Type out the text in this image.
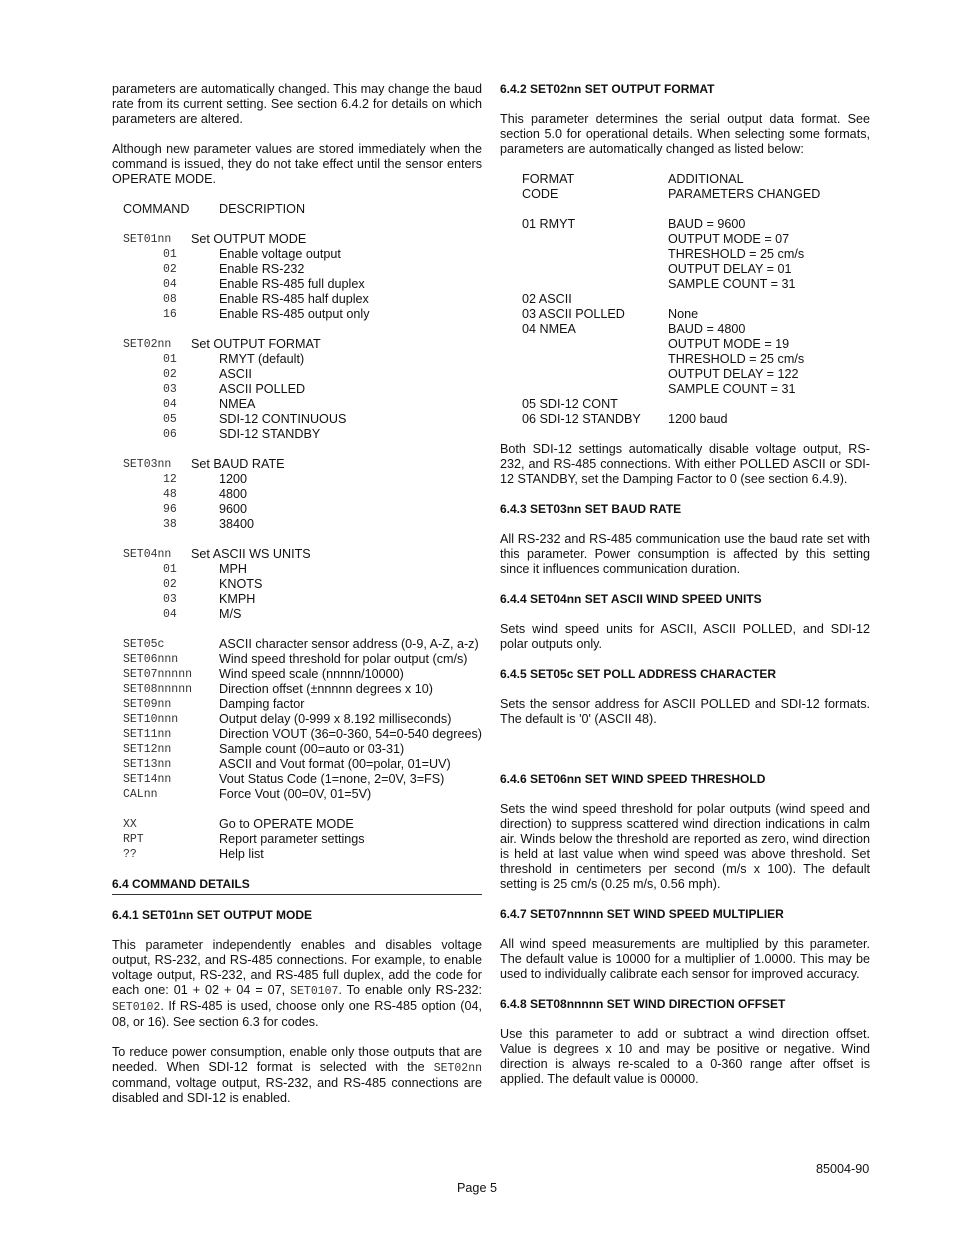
parameters are automatically changed. This may change the baud rate from its current setting. See section 6.4.2 for details on which parameters are altered.

Although new parameter values are stored immediately when the command is issued, they do not take effect until the sensor enters OPERATE MODE.

COMMAND	DESCRIPTION
SET01nn	Set OUTPUT MODE
01	Enable voltage output
02	Enable RS-232
04	Enable RS-485 full duplex
08	Enable RS-485 half duplex
16	Enable RS-485 output only
SET02nn	Set OUTPUT FORMAT
01	RMYT (default)
02	ASCII
03	ASCII POLLED
04	NMEA
05	SDI-12 CONTINUOUS
06	SDI-12 STANDBY
SET03nn	Set BAUD RATE
12	1200
48	4800
96	9600
38	38400
SET04nn	Set ASCII WS UNITS
01	MPH
02	KNOTS
03	KMPH
04	M/S
SET05c	ASCII character sensor address (0-9, A-Z, a-z)
SET06nnn	Wind speed threshold for polar output (cm/s)
SET07nnnnn	Wind speed scale (nnnnn/10000)
SET08nnnnn	Direction offset (±nnnnn degrees x 10)
SET09nn	Damping factor
SET10nnn	Output delay (0-999 x 8.192 milliseconds)
SET11nn	Direction VOUT (36=0-360, 54=0-540 degrees)
SET12nn	Sample count (00=auto or 03-31)
SET13nn	ASCII and Vout format (00=polar, 01=UV)
SET14nn	Vout Status Code (1=none, 2=0V, 3=FS)
CALnn	Force Vout (00=0V, 01=5V)
XX	Go to OPERATE MODE
RPT	Report parameter settings
??	Help list
6.4 COMMAND DETAILS
6.4.1 SET01nn SET OUTPUT MODE

This parameter independently enables and disables voltage output, RS-232, and RS-485 connections. For example, to enable voltage output, RS-232, and RS-485 full duplex, add the code for each one: 01 + 02 + 04 = 07, SET0107. To enable only RS-232: SET0102. If RS-485 is used, choose only one RS-485 option (04, 08, or 16). See section 6.3 for codes.

To reduce power consumption, enable only those outputs that are needed. When SDI-12 format is selected with the SET02nn command, voltage output, RS-232, and RS-485 connections are disabled and SDI-12 is enabled.

6.4.2 SET02nn SET OUTPUT FORMAT

This parameter determines the serial output data format. See section 5.0 for operational details. When selecting some formats, parameters are automatically changed as listed below:

FORMAT	ADDITIONAL
CODE	PARAMETERS CHANGED
01 RMYT	BAUD = 9600
OUTPUT MODE = 07
THRESHOLD = 25 cm/s
OUTPUT DELAY = 01
SAMPLE COUNT = 31
02 ASCII
03 ASCII POLLED	None
04 NMEA	BAUD = 4800
OUTPUT MODE = 19
THRESHOLD = 25 cm/s
OUTPUT DELAY = 122
SAMPLE COUNT = 31
05 SDI-12 CONT
06 SDI-12 STANDBY	1200 baud

Both SDI-12 settings automatically disable voltage output, RS-232, and RS-485 connections. With either POLLED ASCII or SDI-12 STANDBY, set the Damping Factor to 0 (see section 6.4.9).

6.4.3 SET03nn SET BAUD RATE

All RS-232 and RS-485 communication use the baud rate set with this parameter. Power consumption is affected by this setting since it influences communication duration.

6.4.4 SET04nn SET ASCII WIND SPEED UNITS

Sets wind speed units for ASCII, ASCII POLLED, and SDI-12 polar outputs only.

6.4.5 SET05c SET POLL ADDRESS CHARACTER

Sets the sensor address for ASCII POLLED and SDI-12 formats. The default is '0' (ASCII 48).

6.4.6 SET06nn SET WIND SPEED THRESHOLD

Sets the wind speed threshold for polar outputs (wind speed and direction) to suppress scattered wind direction indications in calm air. Winds below the threshold are reported as zero, wind direction is held at last value when wind speed was above threshold. Set threshold in centimeters per second (m/s x 100). The default setting is 25 cm/s (0.25 m/s, 0.56 mph).

6.4.7 SET07nnnnn SET WIND SPEED MULTIPLIER

All wind speed measurements are multiplied by this parameter. The default value is 10000 for a multiplier of 1.0000. This may be used to individually calibrate each sensor for improved accuracy.

6.4.8 SET08nnnnn SET WIND DIRECTION OFFSET

Use this parameter to add or subtract a wind direction offset. Value is degrees x 10 and may be positive or negative. Wind direction is always re-scaled to a 0-360 range after offset is applied. The default value is 00000.

85004-90
Page 5
